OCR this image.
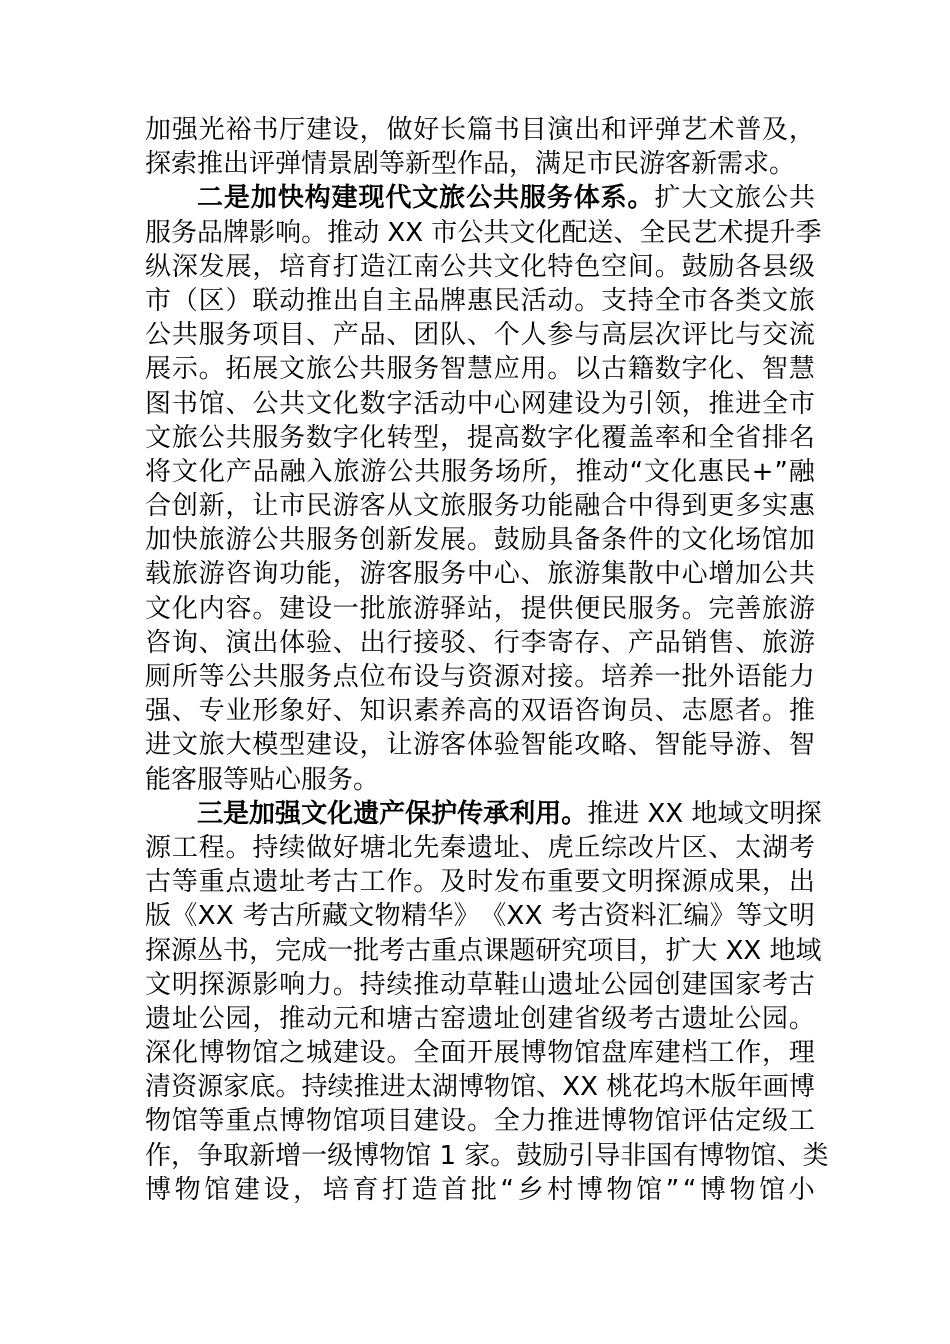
加 强 光 裕 书 厅 建 设 ， 做 好 长 篇 书 目 演 出 和 评 弹 艺 术 普 及 ，
探索推出评弹情景剧等新型作品，满足市民游客新需求。
二 是 加 快 构 建 现 代 文 旅 公 共 服 务 体 系 。 扩 大 文 旅 公 共
服 务 品 牌 影 响 。 推 动
X X
市 公 共 文 化 配 送 、 全 民 艺 术 提 升 季
纵 深 发 展 ， 培 育 打 造 江 南 公 共 文 化 特 色 空 间 。 鼓 励 各 县 级
市 （ 区 ） 联 动 推 出 自 主 品 牌 惠 民 活 动 。 支 持 全 市 各 类 文 旅
公 共 服 务 项 目 、 产 品 、 团 队 、 个 人 参 与 高 层 次 评 比 与 交 流
展 示 。 拓 展 文 旅 公 共 服 务 智 慧 应 用 。 以 古 籍 数 字 化 、 智 慧
图 书 馆 、 公 共 文 化 数 字 活 动 中 心 网 建 设 为 引 领 ， 推 进 全 市
文 旅 公 共 服 务 数 字 化 转 型 ， 提 高 数 字 化 覆 盖 率 和 全 省 排 名
将 文 化 产 品 融 入 旅 游 公 共 服 务 场 所 ， 推 动 “ 文 化 惠 民 + ” 融
合 创 新 ， 让 市 民 游 客 从 文 旅 服 务 功 能 融 合 中 得 到 更 多 实 惠
加 快 旅 游 公 共 服 务 创 新 发 展 。 鼓 励 具 备 条 件 的 文 化 场 馆 加
载 旅 游 咨 询 功 能 ， 游 客 服 务 中 心 、 旅 游 集 散 中 心 增 加 公 共
文 化 内 容 。 建 设 一 批 旅 游 驿 站 ， 提 供 便 民 服 务 。 完 善 旅 游
咨 询 、 演 出 体 验 、 出 行 接 驳 、 行 李 寄 存 、 产 品 销 售 、 旅 游
厕 所 等 公 共 服 务 点 位 布 设 与 资 源 对 接 。 培 养 一 批 外 语 能 力
强 、 专 业 形 象 好 、 知 识 素 养 高 的 双 语 咨 询 员 、 志 愿 者 。 推
进 文 旅 大 模 型 建 设 ， 让 游 客 体 验 智 能 攻 略 、 智 能 导 游 、 智
能客服等贴心服务。
三 是 加 强 文 化 遗 产 保 护 传 承 利 用 。 推 进
X X
地 域 文 明 探
源 工 程 。 持 续 做 好 塘 北 先 秦 遗 址 、 虎 丘 综 改 片 区 、 太 湖 考
古 等 重 点 遗 址 考 古 工 作 。 及 时 发 布 重 要 文 明 探 源 成 果 ， 出
版 《 X X
考 古 所 藏 文 物 精 华 》 《 X X
考 古 资 料 汇 编 》 等 文 明
探 源 丛 书 ， 完 成 一 批 考 古 重 点 课 题 研 究 项 目 ， 扩 大
X X
地 域
文 明 探 源 影 响 力 。 持 续 推 动 草 鞋 山 遗 址 公 园 创 建 国 家 考 古
遗 址 公 园 ， 推 动 元 和 塘 古 窑 遗 址 创 建 省 级 考 古 遗 址 公 园 。
深 化 博 物 馆 之 城 建 设 。 全 面 开 展 博 物 馆 盘 库 建 档 工 作 ， 理
清 资 源 家 底 。 持 续 推 进 太 湖 博 物 馆 、 X X
桃 花 坞 木 版 年 画 博
物 馆 等 重 点 博 物 馆 项 目 建 设 。 全 力 推 进 博 物 馆 评 估 定 级 工
作 ， 争 取 新 增 一 级 博 物 馆
1
家 。 鼓 励 引 导 非 国 有 博 物 馆 、 类
博 物 馆 建 设 ， 培 育 打 造 首 批 “ 乡 村 博 物 馆 ” “ 博 物 馆 小
